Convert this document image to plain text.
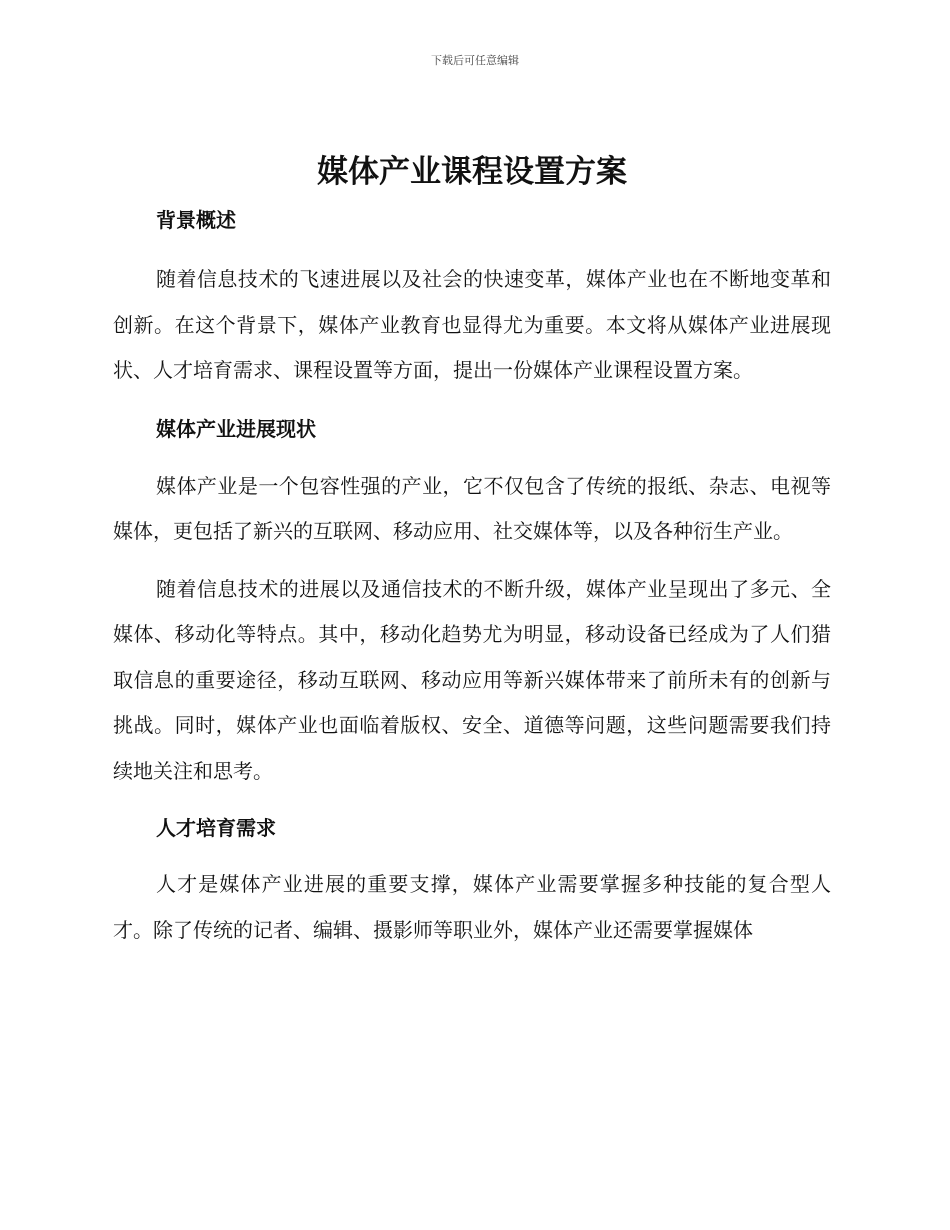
下载后可任意编辑
媒体产业课程设置方案
背景概述

随着信息技术的飞速进展以及社会的快速变革，媒体产业也在不断地变革和创新。在这个背景下，媒体产业教育也显得尤为重要。本文将从媒体产业进展现状、人才培育需求、课程设置等方面，提出一份媒体产业课程设置方案。

媒体产业进展现状

媒体产业是一个包容性强的产业，它不仅包含了传统的报纸、杂志、电视等媒体，更包括了新兴的互联网、移动应用、社交媒体等，以及各种衍生产业。

随着信息技术的进展以及通信技术的不断升级，媒体产业呈现出了多元、全媒体、移动化等特点。其中，移动化趋势尤为明显，移动设备已经成为了人们猎取信息的重要途径，移动互联网、移动应用等新兴媒体带来了前所未有的创新与挑战。同时，媒体产业也面临着版权、安全、道德等问题，这些问题需要我们持续地关注和思考。

人才培育需求

人才是媒体产业进展的重要支撑，媒体产业需要掌握多种技能的复合型人才。除了传统的记者、编辑、摄影师等职业外，媒体产业还需要掌握媒体
